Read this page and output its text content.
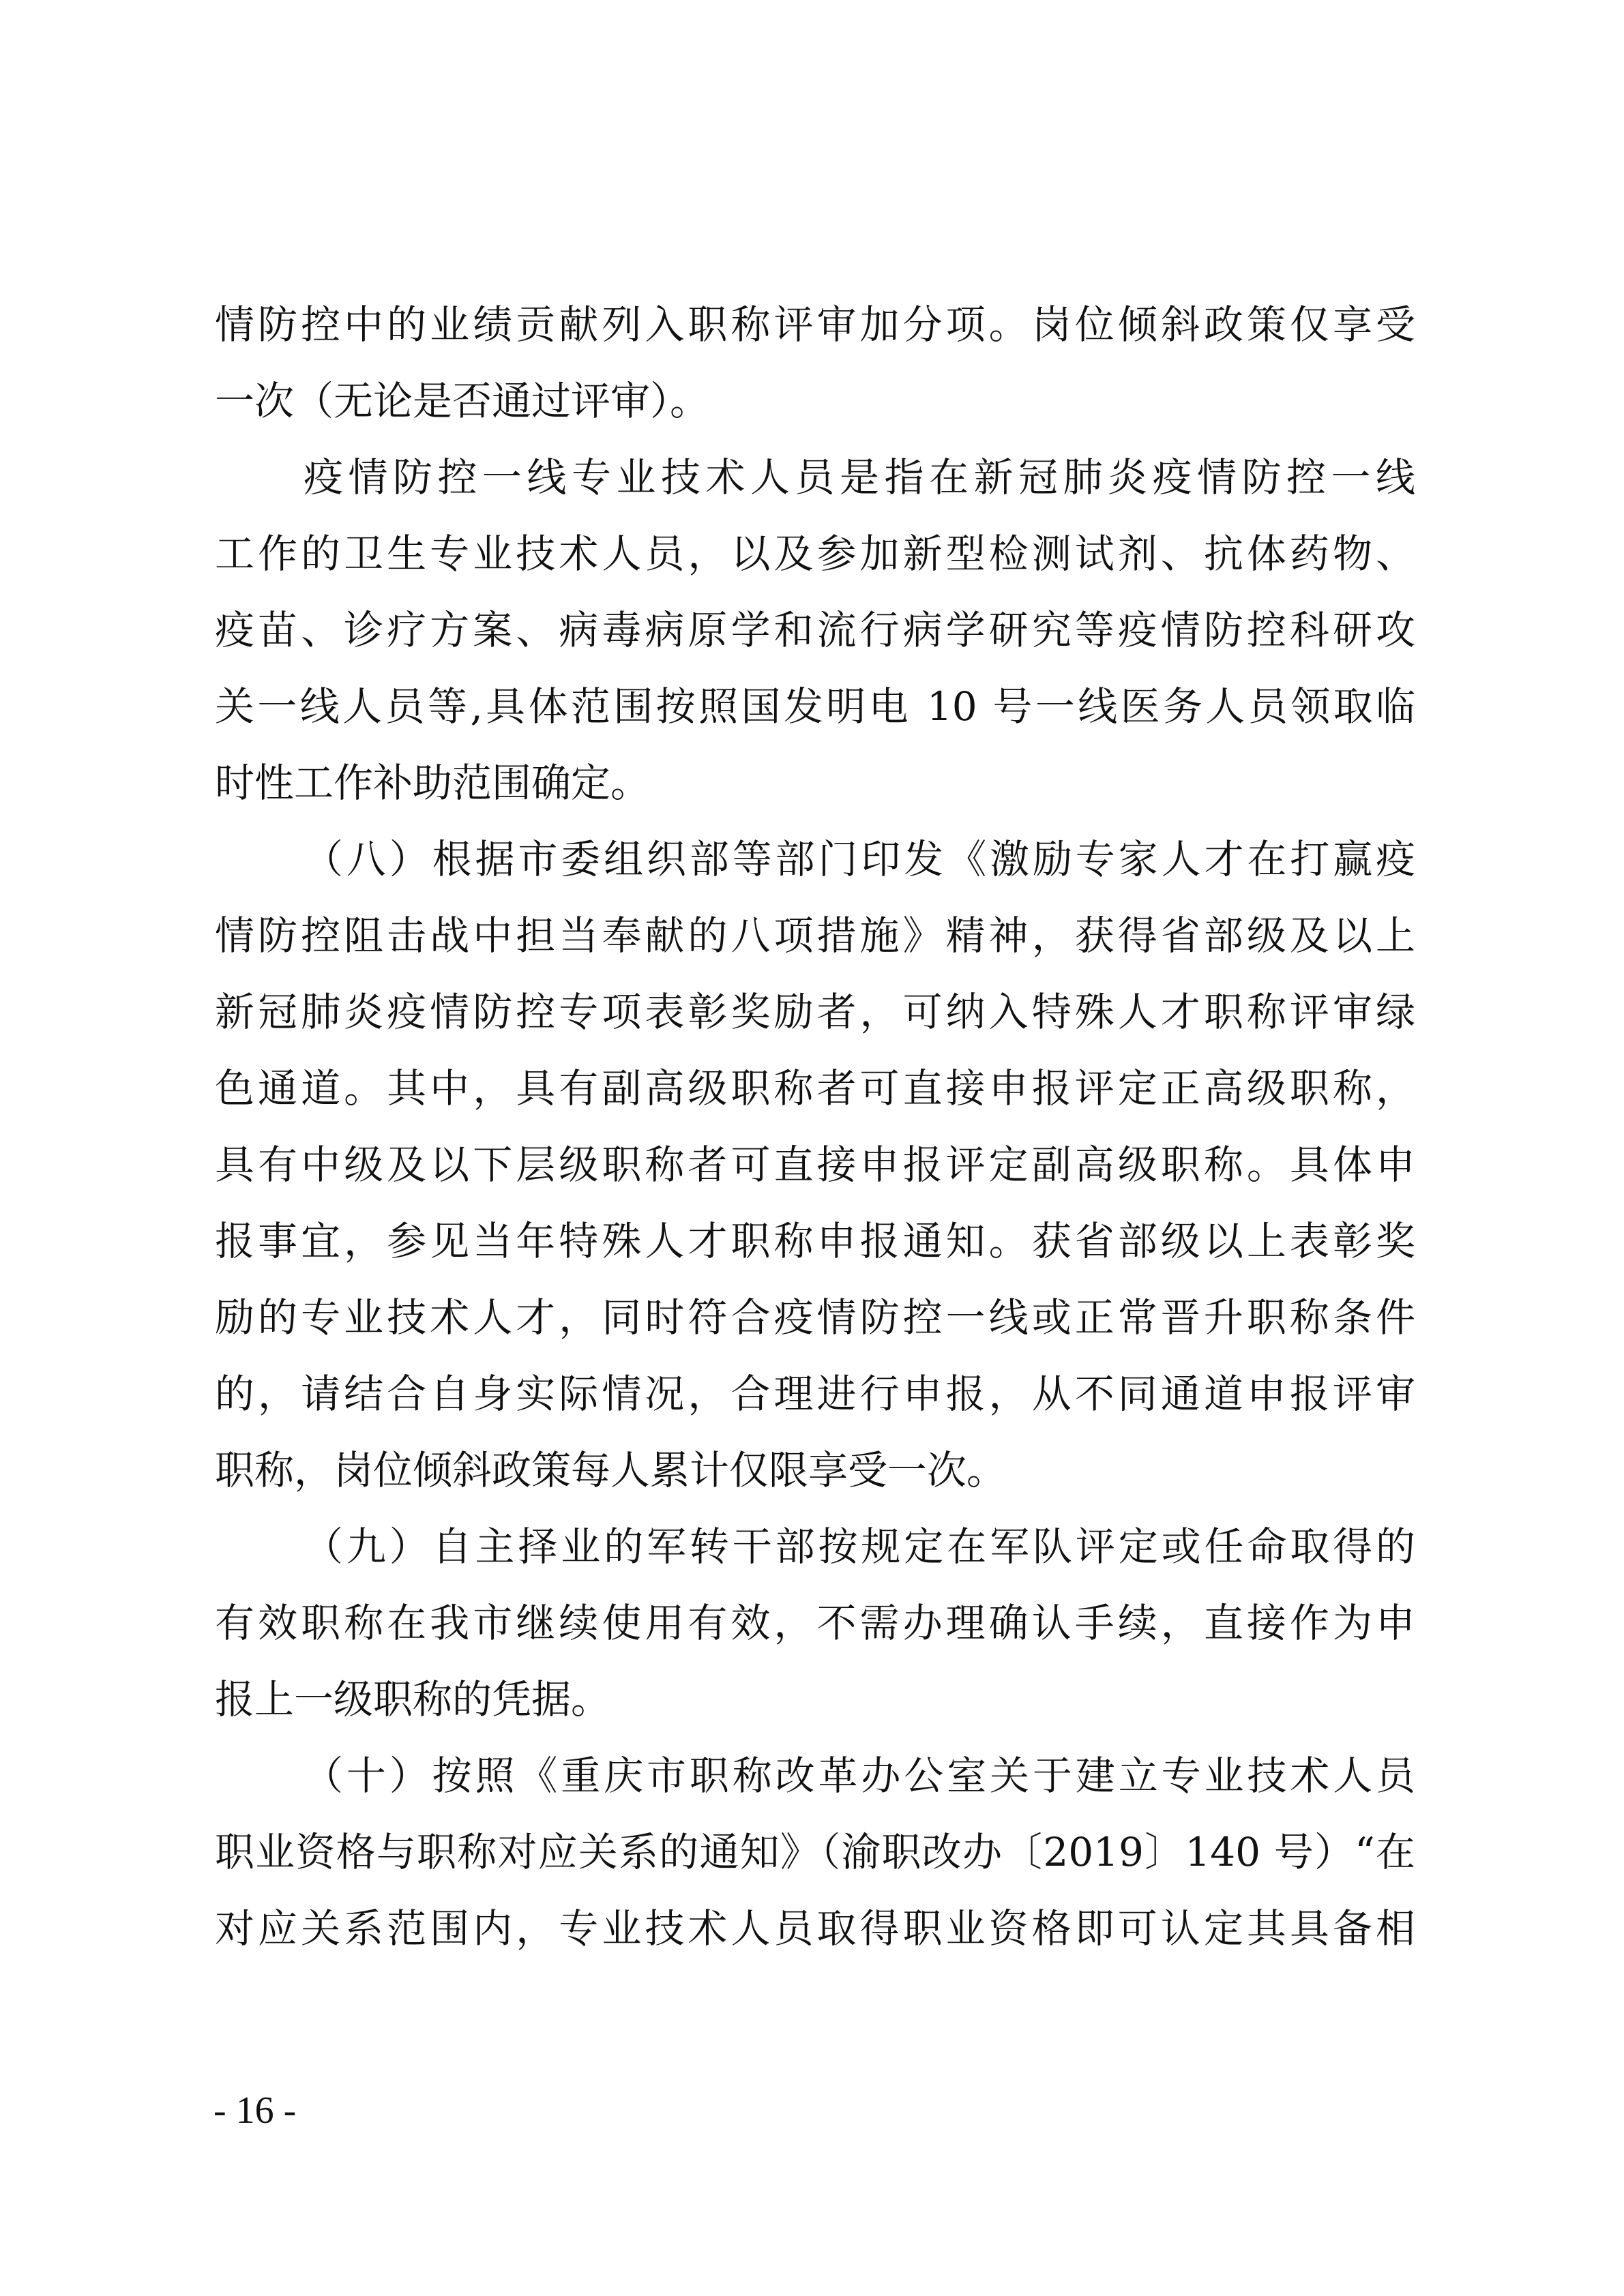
情防控中的业绩贡献列入职称评审加分项。岗位倾斜政策仅享受
一次（无论是否通过评审）。
疫情防控一线专业技术人员是指在新冠肺炎疫情防控一线
工作的卫生专业技术人员，以及参加新型检测试剂、抗体药物、
疫苗、诊疗方案、病毒病原学和流行病学研究等疫情防控科研攻
关一线人员等,具体范围按照国发明电 10 号一线医务人员领取临
时性工作补助范围确定。
（八）根据市委组织部等部门印发《激励专家人才在打赢疫
情防控阻击战中担当奉献的八项措施》精神，获得省部级及以上
新冠肺炎疫情防控专项表彰奖励者，可纳入特殊人才职称评审绿
色通道。其中，具有副高级职称者可直接申报评定正高级职称，
具有中级及以下层级职称者可直接申报评定副高级职称。具体申
报事宜，参见当年特殊人才职称申报通知。获省部级以上表彰奖
励的专业技术人才，同时符合疫情防控一线或正常晋升职称条件
的，请结合自身实际情况，合理进行申报，从不同通道申报评审
职称，岗位倾斜政策每人累计仅限享受一次。
（九）自主择业的军转干部按规定在军队评定或任命取得的
有效职称在我市继续使用有效，不需办理确认手续，直接作为申
报上一级职称的凭据。
（十）按照《重庆市职称改革办公室关于建立专业技术人员
职业资格与职称对应关系的通知》（渝职改办〔2019〕140 号）“在
对应关系范围内，专业技术人员取得职业资格即可认定其具备相
- 16 -
